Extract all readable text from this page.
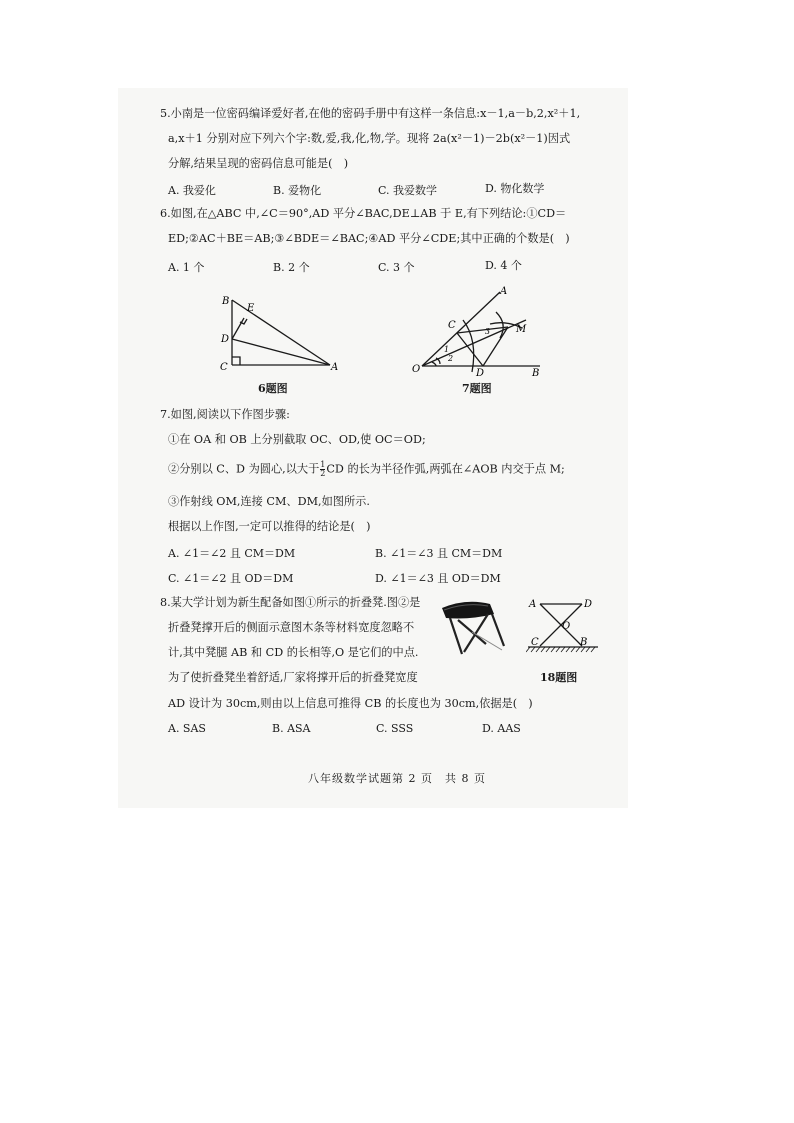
5.小南是一位密码编译爱好者,在他的密码手册中有这样一条信息:x－1,a－b,2,x²＋1,
a,x＋1 分别对应下列六个字:数,爱,我,化,物,学。现将 2a(x²－1)－2b(x²－1)因式
分解,结果呈现的密码信息可能是(　)
A. 我爱化	B. 爱物化	C. 我爱数学	D. 物化数学
6.如图,在△ABC 中,∠C＝90°,AD 平分∠BAC,DE⊥AB 于 E,有下列结论:①CD＝
ED;②AC＋BE＝AB;③∠BDE＝∠BAC;④AD 平分∠CDE;其中正确的个数是(　)
A. 1 个	B. 2 个	C. 3 个	D. 4 个
B
E
D
C	A
6题图
A
C	M
3
1
2
O	D	B
7题图
7.如图,阅读以下作图步骤:
①在 OA 和 OB 上分别截取 OC、OD,使 OC＝OD;
②分别以 C、D 为圆心,以大于 $\frac{1}{2}$ CD 的长为半径作弧,两弧在∠AOB 内交于点 M;
③作射线 OM,连接 CM、DM,如图所示.
根据以上作图,一定可以推得的结论是(　)
A. ∠1＝∠2 且 CM＝DM	B. ∠1＝∠3 且 CM＝DM
C. ∠1＝∠2 且 OD＝DM	D. ∠1＝∠3 且 OD＝DM
8.某大学计划为新生配备如图①所示的折叠凳.图②是
折叠凳撑开后的侧面示意图木条等材料宽度忽略不
计,其中凳腿 AB 和 CD 的长相等,O 是它们的中点.
为了使折叠凳坐着舒适,厂家将撑开后的折叠凳宽度
AD 设计为 30cm,则由以上信息可推得 CB 的长度也为 30cm,依据是(　)
A. SAS	B. ASA	C. SSS	D. AAS
A	D
O
C	B
18题图
八年级数学试题第 2 页　共 8 页
